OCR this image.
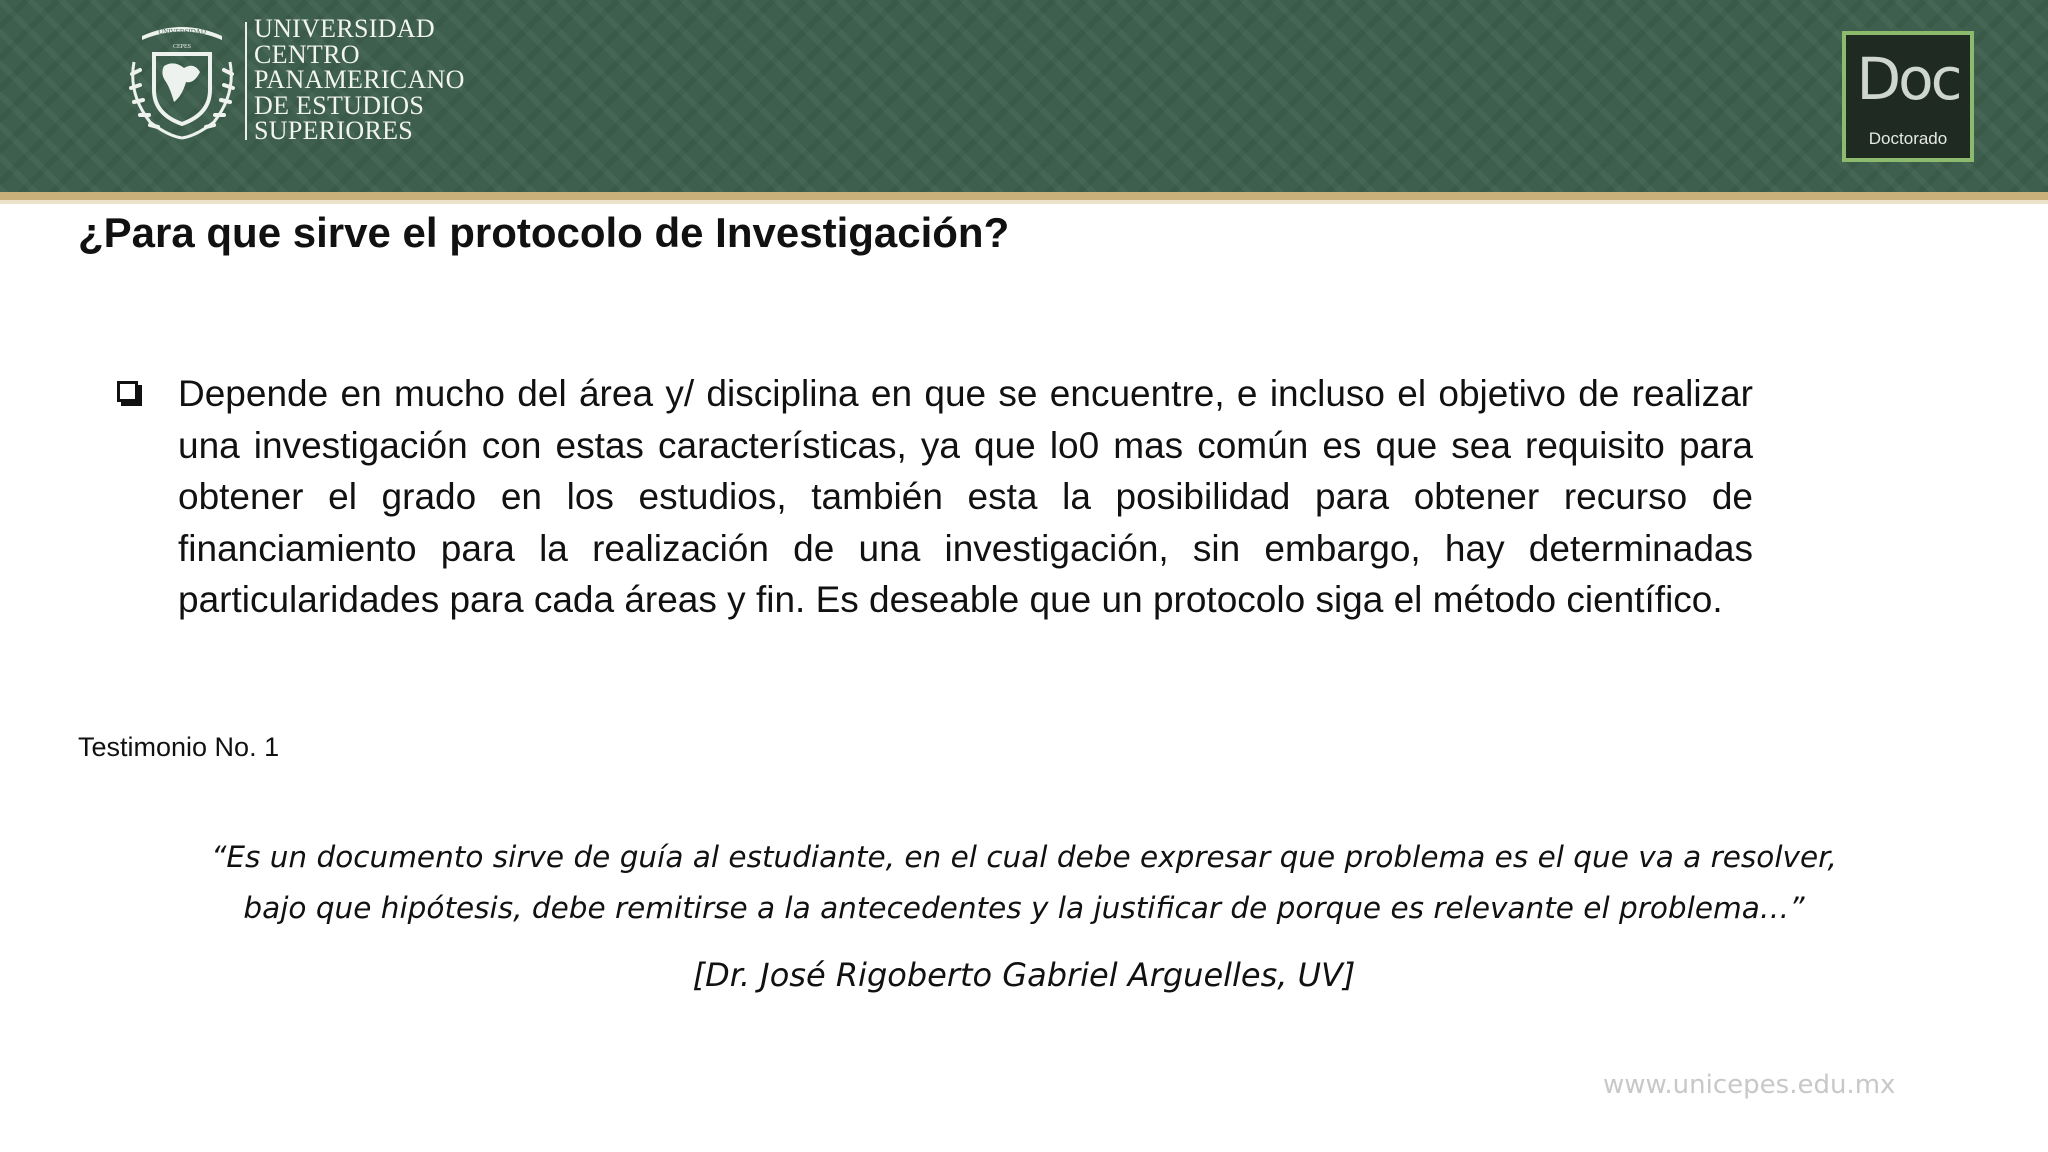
UNIVERSIDAD
CEPES
UNIVERSIDAD
CENTRO
PANAMERICANO
DE ESTUDIOS
SUPERIORES
Doc
Doctorado
¿Para que sirve el protocolo de Investigación?
Depende en mucho del área y/ disciplina en que se encuentre, e incluso el objetivo de realizar una investigación con estas características, ya que lo0 mas común es que sea requisito para obtener el grado en los estudios, también esta la posibilidad para obtener recurso de financiamiento para la realización de una investigación, sin embargo, hay determinadas  particularidades para cada áreas y fin. Es deseable que un protocolo siga el método científico.
Testimonio No. 1
“Es un documento sirve de guía al estudiante, en el cual debe expresar que problema es el que va a resolver,
bajo que hipótesis, debe remitirse a la antecedentes y la justificar de porque es relevante el problema…”
[Dr. José Rigoberto Gabriel Arguelles, UV]
www.unicepes.edu.mx
